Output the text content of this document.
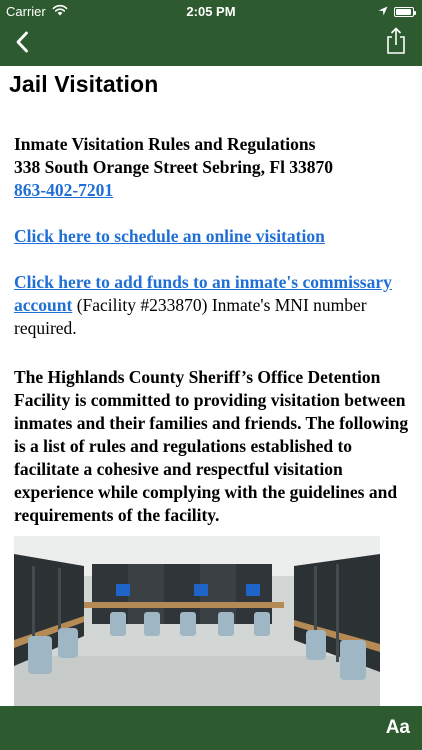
Carrier	2:05 PM
Jail Visitation

Inmate Visitation Rules and Regulations

338 South Orange Street Sebring, Fl 33870

863-402-7201

Click here to schedule an online visitation

Click here to add funds to an inmate's commissary account (Facility #233870) Inmate's MNI number required.

The Highlands County Sheriff’s Office Detention Facility is committed to providing visitation between inmates and their families and friends. The following is a list of rules and regulations established to facilitate a cohesive and respectful visitation experience while complying with the guidelines and requirements of the facility.

Aa
